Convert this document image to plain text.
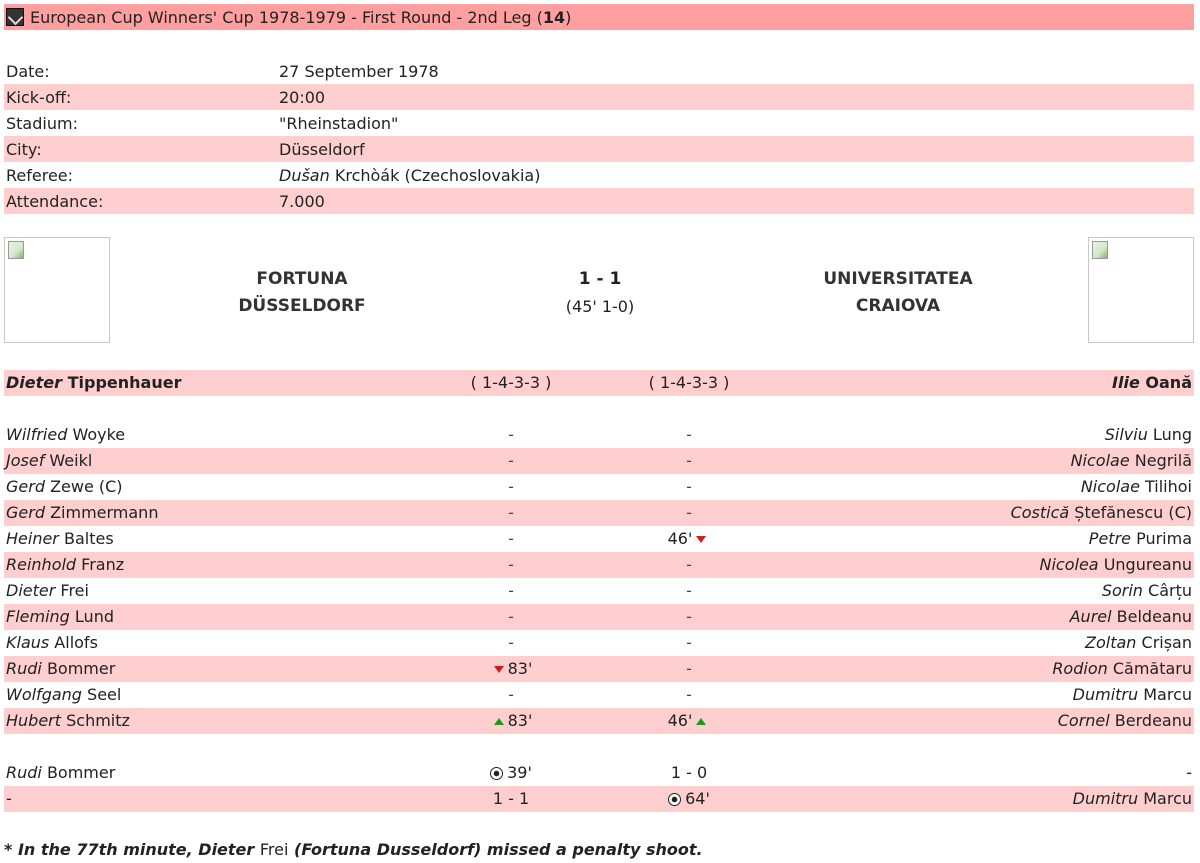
European Cup Winners' Cup 1978-1979 - First Round - 2nd Leg (14)
Date:	27 September 1978
Kick-off:	20:00
Stadium:	"Rheinstadion"
City:	Düsseldorf
Referee:	Dušan Krchòák (Czechoslovakia)
Attendance:	7.000
FORTUNA
DÜSSELDORF
1 - 1
(45' 1-0)
UNIVERSITATEA
CRAIOVA
Dieter Tippenhauer	( 1-4-3-3 )	( 1-4-3-3 )	Ilie Oană
Wilfried Woyke	-	-	Silviu Lung
Josef Weikl	-	-	Nicolae Negrilă
Gerd Zewe (C)	-	-	Nicolae Tilihoi
Gerd Zimmermann	-	-	Costică Ștefănescu (C)
Heiner Baltes	-	46'	Petre Purima
Reinhold Franz	-	-	Nicolea Ungureanu
Dieter Frei	-	-	Sorin Cârțu
Fleming Lund	-	-	Aurel Beldeanu
Klaus Allofs	-	-	Zoltan Crișan
Rudi Bommer	83'	-	Rodion Cămătaru
Wolfgang Seel	-	-	Dumitru Marcu
Hubert Schmitz	83'	46'	Cornel Berdeanu
Rudi Bommer	39'	1 - 0	-
-	1 - 1	64'	Dumitru Marcu
* In the 77th minute, Dieter Frei (Fortuna Dusseldorf) missed a penalty shoot.
